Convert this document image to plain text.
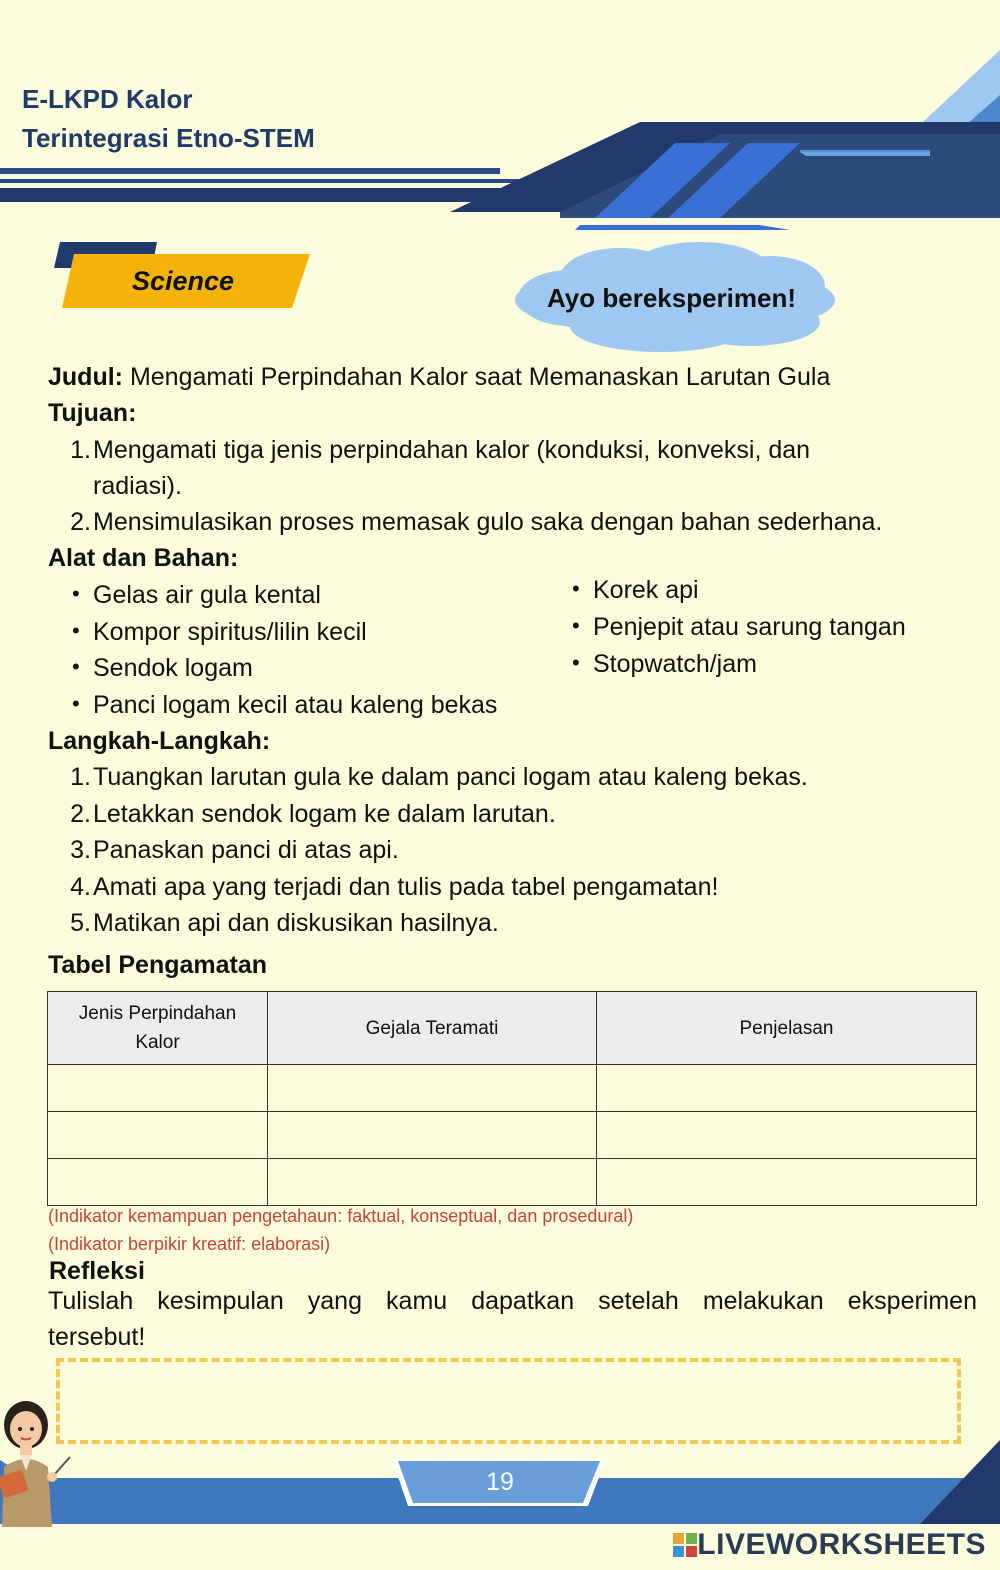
E-LKPD Kalor
Terintegrasi Etno-STEM
Science
Ayo bereksperimen!
Judul: Mengamati Perpindahan Kalor saat Memanaskan Larutan Gula
Tujuan:
1. Mengamati tiga jenis perpindahan kalor (konduksi, konveksi, dan
radiasi).
2. Mensimulasikan proses memasak gulo saka dengan bahan sederhana.
Alat dan Bahan:
• Gelas air gula kental
• Kompor spiritus/lilin kecil
• Sendok logam
• Panci logam kecil atau kaleng bekas
• Korek api
• Penjepit atau sarung tangan
• Stopwatch/jam
Langkah-Langkah:
1. Tuangkan larutan gula ke dalam panci logam atau kaleng bekas.
2. Letakkan sendok logam ke dalam larutan.
3. Panaskan panci di atas api.
4. Amati apa yang terjadi dan tulis pada tabel pengamatan!
5. Matikan api dan diskusikan hasilnya.
Tabel Pengamatan
Jenis Perpindahan Kalor	Gejala Teramati	Penjelasan

(Indikator kemampuan pengetahaun: faktual, konseptual, dan prosedural)
(Indikator berpikir kreatif: elaborasi)
Refleksi
Tulislah kesimpulan yang kamu dapatkan setelah melakukan eksperimen
tersebut!
19
LIVEWORKSHEETS
